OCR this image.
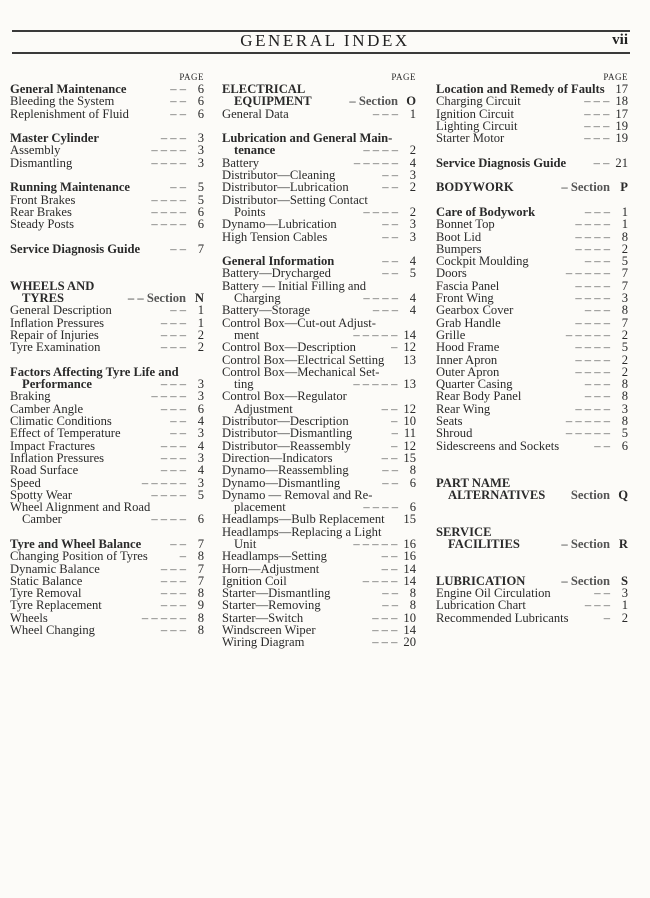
GENERAL INDEX	vii
PAGE
General Maintenance	– – 6
Bleeding the System	– – 6
Replenishment of Fluid	– – 6
Master Cylinder	– – – 3
Assembly	– – – – 3
Dismantling	– – – – 3
Running Maintenance	– – 5
Front Brakes	– – – – 5
Rear Brakes	– – – – 6
Steady Posts	– – – – 6
Service Diagnosis Guide	– – 7
WHEELS AND
TYRES	– – Section N
General Description	– – 1
Inflation Pressures	– – – 1
Repair of Injuries	– – – 2
Tyre Examination	– – – 2
Factors Affecting Tyre Life and
Performance	– – – 3
Braking	– – – – 3
Camber Angle	– – – 6
Climatic Conditions	– – 4
Effect of Temperature	– – 3
Impact Fractures	– – – 4
Inflation Pressures	– – – 3
Road Surface	– – – 4
Speed	– – – – – 3
Spotty Wear	– – – – 5
Wheel Alignment and Road
Camber	– – – – 6
Tyre and Wheel Balance	– – 7
Changing Position of Tyres	– 8
Dynamic Balance	– – – 7
Static Balance	– – – 7
Tyre Removal	– – – 8
Tyre Replacement	– – – 9
Wheels	– – – – – 8
Wheel Changing	– – – 8
PAGE
ELECTRICAL
EQUIPMENT	– Section O
General Data	– – – 1
Lubrication and General Main-
tenance	– – – – 2
Battery	– – – – – 4
Distributor—Cleaning	– – 3
Distributor—Lubrication	– – 2
Distributor—Setting Contact
Points	– – – – 2
Dynamo—Lubrication	– – 3
High Tension Cables	– – 3
General Information	– – 4
Battery—Drycharged	– – 5
Battery — Initial Filling and
Charging	– – – – 4
Battery—Storage	– – – 4
Control Box—Cut-out Adjust-
ment	– – – – – 14
Control Box—Description	– 12
Control Box—Electrical Setting 13
Control Box—Mechanical Set-
ting	– – – – – 13
Control Box—Regulator
Adjustment	– – 12
Distributor—Description	– 10
Distributor—Dismantling	– 11
Distributor—Reassembly	– 12
Direction—Indicators	– – 15
Dynamo—Reassembling	– – 8
Dynamo—Dismantling	– – 6
Dynamo — Removal and Re-
placement	– – – – 6
Headlamps—Bulb Replacement 15
Headlamps—Replacing a Light
Unit	– – – – – 16
Headlamps—Setting	– – 16
Horn—Adjustment	– – 14
Ignition Coil	– – – – 14
Starter—Dismantling	– – 8
Starter—Removing	– – 8
Starter—Switch	– – – 10
Windscreen Wiper	– – – 14
Wiring Diagram	– – – 20
PAGE
Location and Remedy of Faults 17
Charging Circuit	– – – 18
Ignition Circuit	– – – 17
Lighting Circuit	– – – 19
Starter Motor	– – – 19
Service Diagnosis Guide	– – 21
BODYWORK	– Section P
Care of Bodywork	– – – 1
Bonnet Top	– – – – 1
Boot Lid	– – – – 8
Bumpers	– – – – 2
Cockpit Moulding	– – – 5
Doors	– – – – – 7
Fascia Panel	– – – – 7
Front Wing	– – – – 3
Gearbox Cover	– – – 8
Grab Handle	– – – – 7
Grille	– – – – – 2
Hood Frame	– – – – 5
Inner Apron	– – – – 2
Outer Apron	– – – – 2
Quarter Casing	– – – 8
Rear Body Panel	– – – 8
Rear Wing	– – – – 3
Seats	– – – – – 8
Shroud	– – – – – 5
Sidescreens and Sockets	– – 6
PART NAME
ALTERNATIVES	Section Q
SERVICE
FACILITIES	– Section R
LUBRICATION	– Section S
Engine Oil Circulation	– – 3
Lubrication Chart	– – – 1
Recommended Lubricants	– 2
